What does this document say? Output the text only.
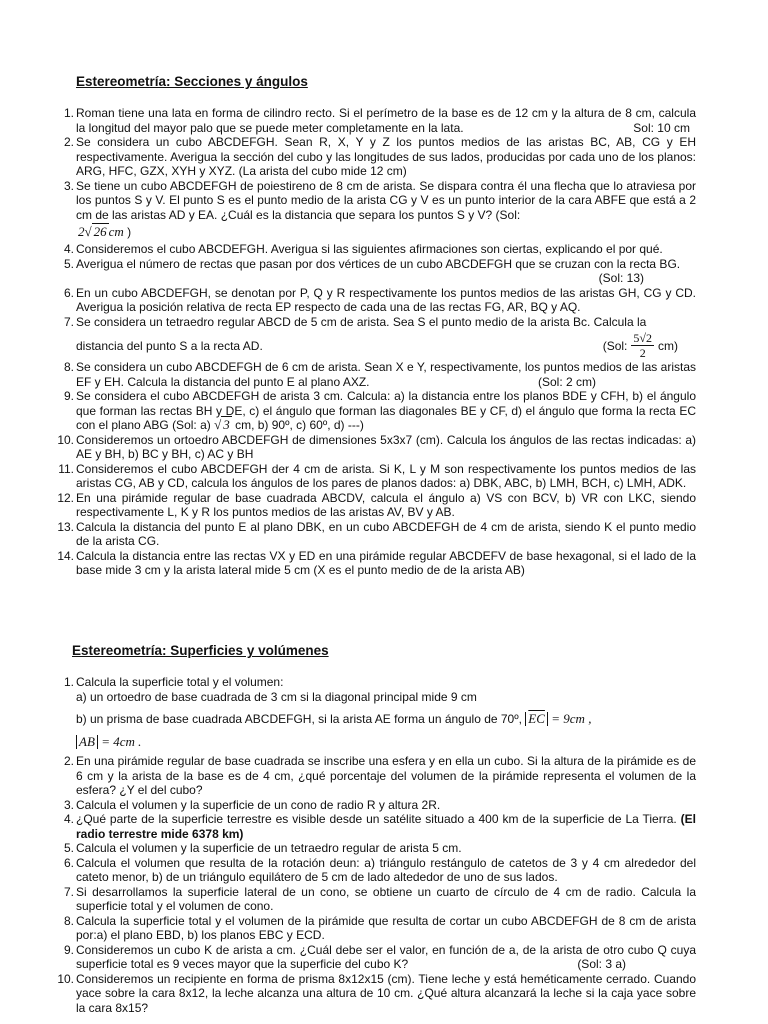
Estereometría: Secciones y ángulos
1. Roman tiene una lata en forma de cilindro recto. Si el perímetro de la base es de 12 cm y la altura de 8 cm, calcula la longitud del mayor palo que se puede meter completamente en la lata.	Sol: 10 cm
2. Se considera un cubo ABCDEFGH. Sean R, X, Y y Z los puntos medios de las aristas BC, AB, CG y EH respectivamente. Averigua la sección del cubo y las longitudes de sus lados, producidas por cada uno de los planos: ARG, HFC, GZX, XYH y XYZ. (La arista del cubo mide 12 cm)
3. Se tiene un cubo ABCDEFGH de poiestireno de 8 cm de arista. Se dispara contra él una flecha que lo atraviesa por los puntos S y V. El punto S es el punto medio de la arista CG y V es un punto interior de la cara ABFE que está a 2 cm de las aristas AD y EA. ¿Cuál es la distancia que separa los puntos S y V? (Sol:

2√ 26 cm )

4. Consideremos el cubo ABCDEFGH. Averigua si las siguientes afirmaciones son ciertas, explicando el por qué.
5. Averigua el número de rectas que pasan por dos vértices de un cubo ABCDEFGH que se cruzan con la recta BG.
(Sol: 13)
6. En un cubo ABCDEFGH, se denotan por P, Q y R respectivamente los puntos medios de las aristas GH, CG y CD. Averigua la posición relativa de recta EP respecto de cada una de las rectas FG, AR, BQ y AQ.
7. Se considera un tetraedro regular ABCD de 5 cm de arista. Sea S el punto medio de la arista Bc. Calcula la

distancia del punto S a la recta AD.	(Sol: $\frac{5√2}{2} cm$)

8. Se considera un cubo ABCDEFGH de 6 cm de arista. Sean X e Y, respectivamente, los puntos medios de las aristas EF y EH. Calcula la distancia del punto E al plano AXZ.	(Sol: 2 cm)
9. Se considera el cubo ABCDEFGH de arista 3 cm. Calcula: a) la distancia entre los planos BDE y CFH, b) el ángulo que forman las rectas BH y DE, c) el ángulo que forman las diagonales BE y CF, d) el ángulo que forma la recta EC con el plano ABG (Sol: a) √ 3 cm, b) 90º, c) 60º, d) ---)
10. Consideremos un ortoedro ABCDEFGH de dimensiones 5x3x7 (cm). Calcula los ángulos de las rectas indicadas: a) AE y BH, b) BC y BH, c) AC y BH
11. Consideremos el cubo ABCDEFGH der 4 cm de arista. Si K, L y M son respectivamente los puntos medios de las aristas CG, AB y CD, calcula los ángulos de los pares de planos dados: a) DBK, ABC, b) LMH, BCH, c) LMH, ADK.
12. En una pirámide regular de base cuadrada ABCDV, calcula el ángulo a) VS con BCV, b) VR con LKC, siendo respectivamente L, K y R los puntos medios de las aristas AV, BV y AB.
13. Calcula la distancia del punto E al plano DBK, en un cubo ABCDEFGH de 4 cm de arista, siendo K el punto medio de la arista CG.
14. Calcula la distancia entre las rectas VX y ED en una pirámide regular ABCDEFV de base hexagonal, si el lado de la base mide 3 cm y la arista lateral mide 5 cm (X es el punto medio de de la arista AB)
Estereometría: Superficies y volúmenes
1. Calcula la superficie total y el volumen:

a) un ortoedro de base cuadrada de 3 cm si la diagonal principal mide 9 cm

b) un prisma de base cuadrada ABCDEFGH, si la arista AE forma un ángulo de 70º, $\overline{EC} = 9cm$ ,

AB = 4cm .

2. En una pirámide regular de base cuadrada se inscribe una esfera y en ella un cubo. Si la altura de la pirámide es de 6 cm y la arista de la base es de 4 cm, ¿qué porcentaje del volumen de la pirámide representa el volumen de la esfera? ¿Y el del cubo?
3. Calcula el volumen y la superficie de un cono de radio R y altura 2R.
4. ¿Qué parte de la superficie terrestre es visible desde un satélite situado a 400 km de la superficie de La Tierra. (El radio terrestre mide 6378 km)
5. Calcula el volumen y la superficie de un tetraedro regular de arista 5 cm.
6. Calcula el volumen que resulta de la rotación deun: a) triángulo restángulo de catetos de 3 y 4 cm alrededor del cateto menor, b) de un triángulo equilátero de 5 cm de lado altededor de uno de sus lados.
7. Si desarrollamos la superficie lateral de un cono, se obtiene un cuarto de círculo de 4 cm de radio. Calcula la superficie total y el volumen de cono.
8. Calcula la superficie total y el volumen de la pirámide que resulta de cortar un cubo ABCDEFGH de 8 cm de arista por:a) el plano EBD, b) los planos EBC y ECD.
9. Consideremos un cubo K de arista a cm. ¿Cuál debe ser el valor, en función de a, de la arista de otro cubo Q cuya superficie total es 9 veces mayor que la superficie del cubo K?	(Sol: 3 a)
10. Consideremos un recipiente en forma de prisma 8x12x15 (cm). Tiene leche y está heméticamente cerrado. Cuando yace sobre la cara 8x12, la leche alcanza una altura de 10 cm. ¿Qué altura alcanzará la leche si la caja yace sobre la cara 8x15?
